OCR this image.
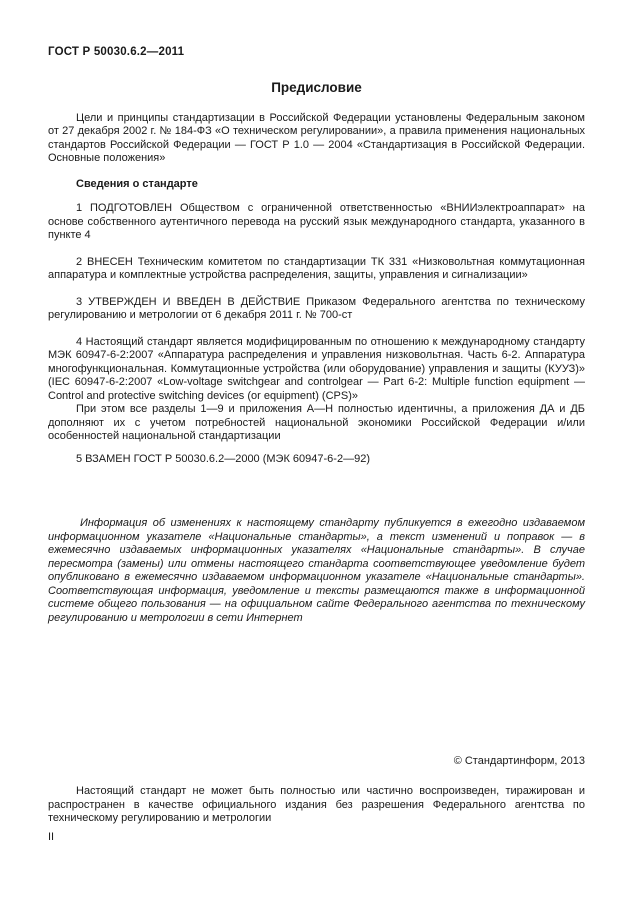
ГОСТ Р 50030.6.2—2011
Предисловие

Цели и принципы стандартизации в Российской Федерации установлены Федеральным законом от 27 декабря 2002 г. № 184-ФЗ «О техническом регулировании», а правила применения национальных стандартов Российской Федерации — ГОСТ Р 1.0 — 2004 «Стандартизация в Российской Федерации. Основные положения»

Сведения о стандарте

1 ПОДГОТОВЛЕН Обществом с ограниченной ответственностью «ВНИИэлектроаппарат» на основе собственного аутентичного перевода на русский язык международного стандарта, указанного в пункте 4

2 ВНЕСЕН Техническим комитетом по стандартизации ТК 331 «Низковольтная коммутационная аппаратура и комплектные устройства распределения, защиты, управления и сигнализации»

3 УТВЕРЖДЕН И ВВЕДЕН В ДЕЙСТВИЕ Приказом Федерального агентства по техническому регулированию и метрологии от 6 декабря 2011 г. № 700-ст

4 Настоящий стандарт является модифицированным по отношению к международному стандарту МЭК 60947-6-2:2007 «Аппаратура распределения и управления низковольтная. Часть 6-2. Аппаратура многофункциональная. Коммутационные устройства (или оборудование) управления и защиты (КУУЗ)» (IEC 60947-6-2:2007 «Low-voltage switchgear and controlgear — Part 6-2: Multiple function equipment — Control and protective switching devices (or equipment) (CPS)»

При этом все разделы 1—9 и приложения А—Н полностью идентичны, а приложения ДА и ДБ дополняют их с учетом потребностей национальной экономики Российской Федерации и/или особенностей национальной стандартизации

5 ВЗАМЕН ГОСТ Р 50030.6.2—2000 (МЭК 60947-6-2—92)

Информация об изменениях к настоящему стандарту публикуется в ежегодно издаваемом информационном указателе «Национальные стандарты», а текст изменений и поправок — в ежемесячно издаваемых информационных указателях «Национальные стандарты». В случае пересмотра (замены) или отмены настоящего стандарта соответствующее уведомление будет опубликовано в ежемесячно издаваемом информационном указателе «Национальные стандарты». Соответствующая информация, уведомление и тексты размещаются также в информационной системе общего пользования — на официальном сайте Федерального агентства по техническому регулированию и метрологии в сети Интернет

© Стандартинформ, 2013

Настоящий стандарт не может быть полностью или частично воспроизведен, тиражирован и распространен в качестве официального издания без разрешения Федерального агентства по техническому регулированию и метрологии

II
